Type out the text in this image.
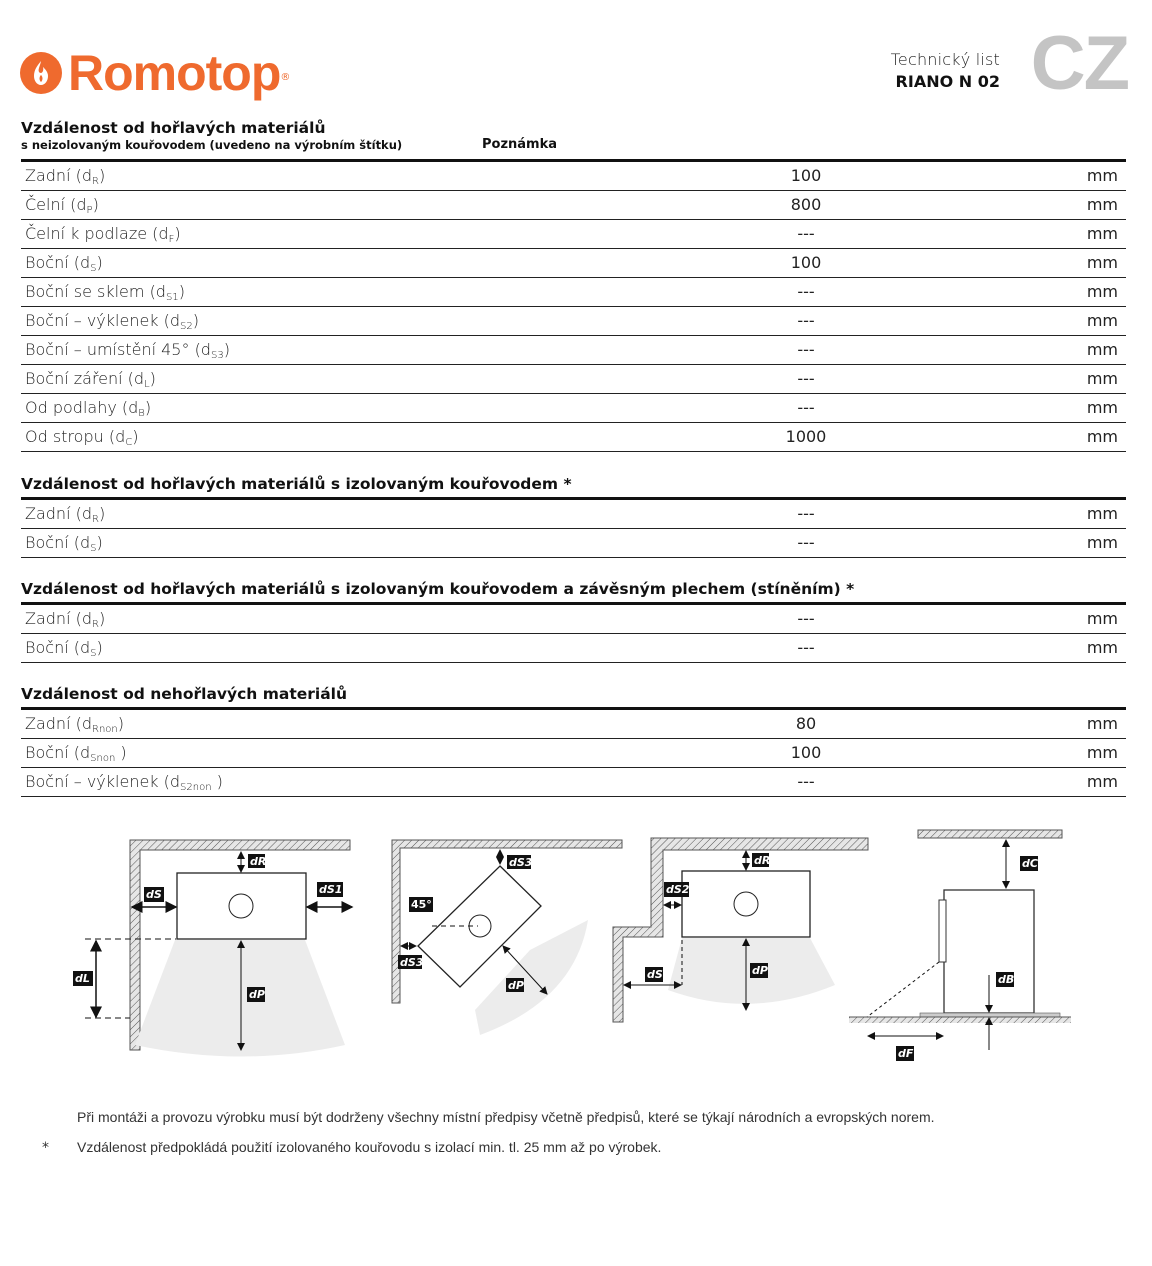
Romotop ®
Technický list
RIANO N 02 CZ
Vzdálenost od hořlavých materiálů
s neizolovaným kouřovodem (uvedeno na výrobním štítku)	Poznámka
Zadní $(d_R)$	100	mm
Čelní $(d_P)$	800	mm
Čelní k podlaze $(d_F)$	---	mm
Boční $(d_S)$	100	mm
Boční se sklem $(d_{S1})$	---	mm
Boční – výklenek $(d_{S2})$	---	mm
Boční – umístění 45° $(d_{S3})$	---	mm
Boční záření $(d_L)$	---	mm
Od podlahy $(d_B)$	---	mm
Od stropu $(d_C)$	1000	mm
Vzdálenost od hořlavých materiálů s izolovaným kouřovodem *
Zadní $(d_R)$	---	mm
Boční $(d_S)$	---	mm
Vzdálenost od hořlavých materiálů s izolovaným kouřovodem a závěsným plechem (stíněním) *
Zadní $(d_R)$	---	mm
Boční $(d_S)$	---	mm
Vzdálenost od nehořlavých materiálů
Zadní $(d_{Rnon})$	80	mm
Boční ($d_{Snon}$ )	100	mm
Boční – výklenek ($d_{S2non}$ )	---	mm
dR
dS	dS1
dL
dP
dS3
dS3
45°
dP
dR
dS2
dS	dP
dC
dB
dF
Při montáži a provozu výrobku musí být dodrženy všechny místní předpisy včetně předpisů, které se týkají národních a evropských norem.
* Vzdálenost předpokládá použití izolovaného kouřovodu s izolací min. tl. 25 mm až po výrobek.
